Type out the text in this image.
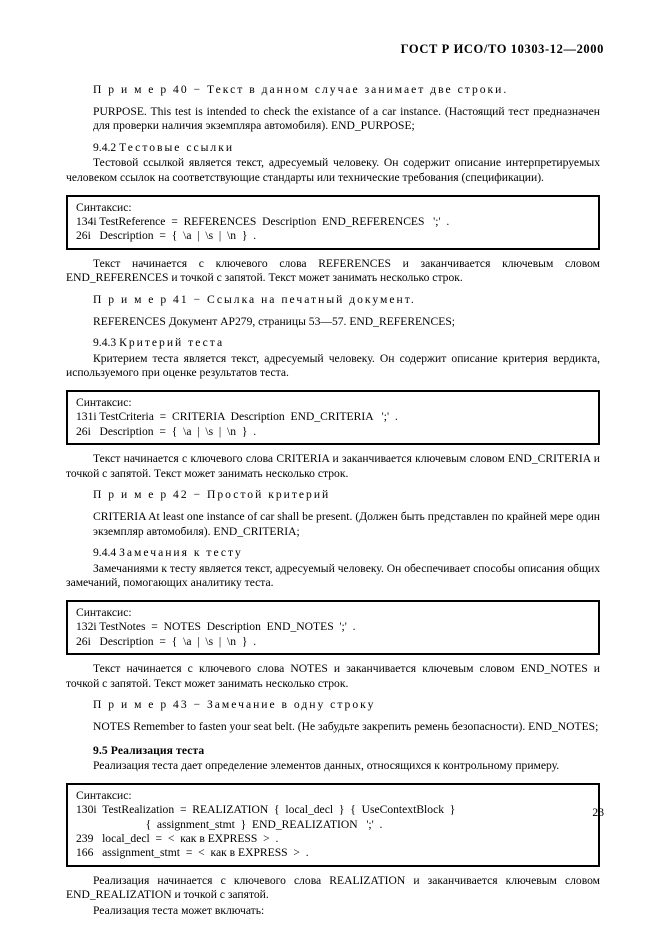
ГОСТ Р ИСО/ТО 10303-12—2000

П р и м е р 40 − Текст в данном случае занимает две строки.

PURPOSE. This test is intended to check the existance of a car instance. (Настоящий тест предназначен для проверки наличия экземпляра автомобиля). END_PURPOSE;

9.4.2 Тестовые ссылки

Тестовой ссылкой является текст, адресуемый человеку. Он содержит описание интерпретируемых человеком ссылок на соответствующие стандарты или технические требования (спецификации).

Синтаксис:
134i TestReference  =  REFERENCES  Description  END_REFERENCES   ';'  .
26i   Description  =  {  \a  |  \s  |  \n  }  .

Текст начинается с ключевого слова REFERENCES и заканчивается ключевым словом END_REFERENCES и точкой с запятой. Текст может занимать несколько строк.

П р и м е р 41 − Ссылка на печатный документ.

REFERENCES Документ AP279, страницы 53—57. END_REFERENCES;

9.4.3 Критерий теста

Критерием теста является текст, адресуемый человеку. Он содержит описание критерия вердикта, используемого при оценке результатов теста.

Синтаксис:
131i TestCriteria  =  CRITERIA  Description  END_CRITERIA   ';'  .
26i   Description  =  {  \a  |  \s  |  \n  }  .

Текст начинается с ключевого слова CRITERIA и заканчивается ключевым словом END_CRITERIA и точкой с запятой. Текст может занимать несколько строк.

П р и м е р 42 − Простой критерий

CRITERIA At least one instance of car shall be present. (Должен быть представлен по крайней мере один экземпляр автомобиля). END_CRITERIA;

9.4.4 Замечания к тесту

Замечаниями к тесту является текст, адресуемый человеку. Он обеспечивает способы описания общих замечаний, помогающих аналитику теста.

Синтаксис:
132i TestNotes  =  NOTES  Description  END_NOTES  ';'  .
26i   Description  =  {  \a  |  \s  |  \n  }  .

Текст начинается с ключевого слова NOTES и заканчивается ключевым словом END_NOTES и точкой с запятой. Текст может занимать несколько строк.

П р и м е р 43 − Замечание в одну строку

NOTES Remember to fasten your seat belt. (Не забудьте закрепить ремень безопасности). END_NOTES;

9.5 Реализация теста

Реализация теста дает определение элементов данных, относящихся к контрольному примеру.

Синтаксис:
130i  TestRealization  =  REALIZATION  {  local_decl  }  {  UseContextBlock  }
{  assignment_stmt  }  END_REALIZATION   ';'  .
239   local_decl  =  <  как в EXPRESS  >  .
166   assignment_stmt  =  <  как в EXPRESS  >  .

Реализация начинается с ключевого слова REALIZATION и заканчивается ключевым словом END_REALIZATION и точкой с запятой.

Реализация теста может включать:

23
